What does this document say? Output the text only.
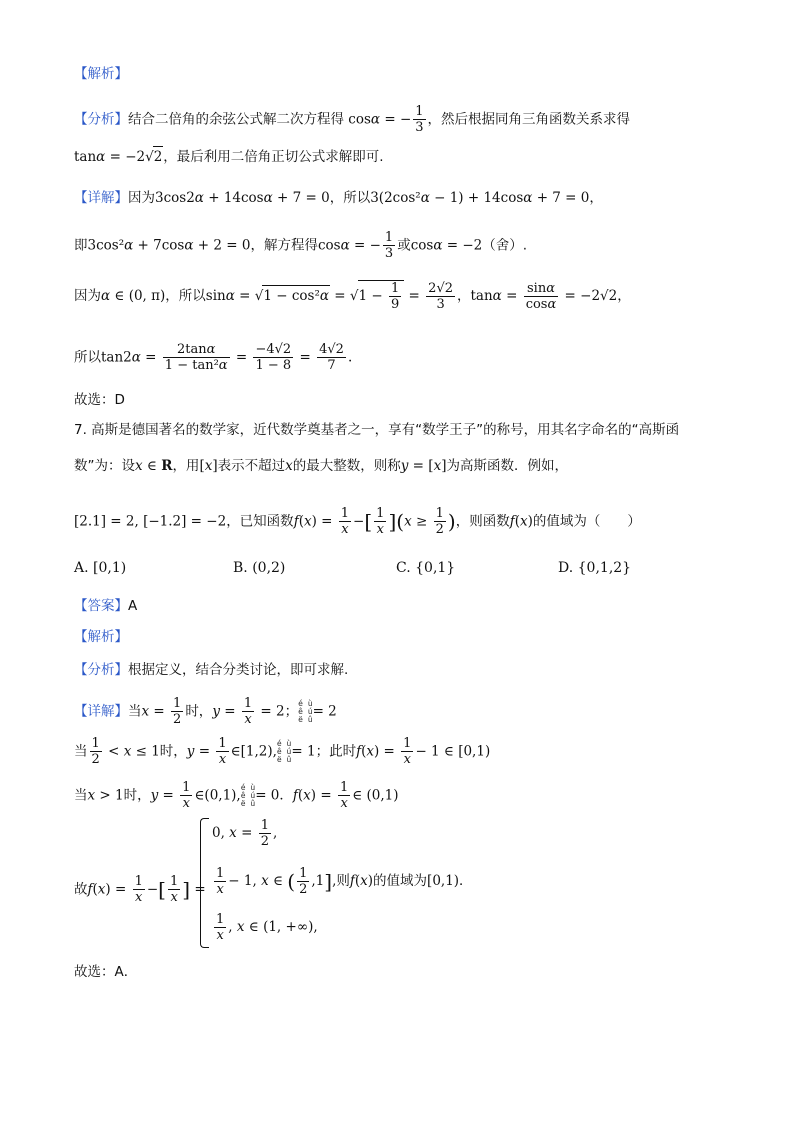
【解析】
【分析】结合二倍角的余弦公式解二次方程得 cosα = − $\frac{1}{3}$ ，然后根据同角三角函数关系求得
tanα = −2√2，最后利用二倍角正切公式求解即可.
【详解】因为3cos2α + 14cosα + 7 = 0，所以3(2cos²α − 1) + 14cosα + 7 = 0，
即3cos²α + 7cosα + 2 = 0，解方程得cosα = − $\frac{1}{3}$ 或cosα = −2（舍）.
因为α ∈ (0, π)，所以$\sin\alpha = √1 - \cos^2\alpha = √1 - \frac{1}{9} = \frac{2√2}{3}$ ，$\tan\alpha = \frac{\sin\alpha}{\cos\alpha} = -2√2$，
所以$\tan 2\alpha = \frac{2\tan\alpha}{\text{1 − tan²α}} = \frac{-4√2}{1 - 8} = \frac{4√2}{7}$ .
故选：D
7. 高斯是德国著名的数学家，近代数学奠基者之一，享有“数学王子”的称号，用其名字命名的“高斯函
数”为：设x ∈ R，用[x]表示不超过x的最大整数，则称y = [x]为高斯函数．例如，
[2.1] = 2, [−1.2] = −2，已知函数$f(x) = \frac{1}{x}$ −[ $\frac{1}{x} ](x \ge \frac{1}{2}$ )，则函数f(x)的值域为（　　）
A. [0,1)	B. (0,2)	C. {0,1}	D. {0,1,2}
【答案】A
【解析】
【分析】根据定义，结合分类讨论，即可求解.
【详解】当$x = \frac{1}{2}$ 时，$y = \frac{1}{x} = 2$；é ù
ê ú
ë û= 2
当 $\frac{1}{2} < x \le 1$时，$y = \frac{1}{x}$ ∈[1,2),é ù
ê ú
ë û= 1；此时$f(x) = \frac{1}{x} - 1$ ∈ [0,1)
当x > 1时，$y = \frac{1}{x}$ ∈(0,1),é ù
ê ú
ë û= 0．$f(x) = \frac{1}{x}$ ∈ (0,1)
故$f(x) = \frac{1}{x}$ −[ $\frac{1}{x}$ ] =
0, $x = \frac{1}{2}$ ,
$\frac{1}{x} - 1$, x ∈ ( $\frac{1}{2} ,1$],则f(x)的值域为[0,1)．
$\frac{1}{x}$ , x ∈ (1, +∞),
故选：A．
